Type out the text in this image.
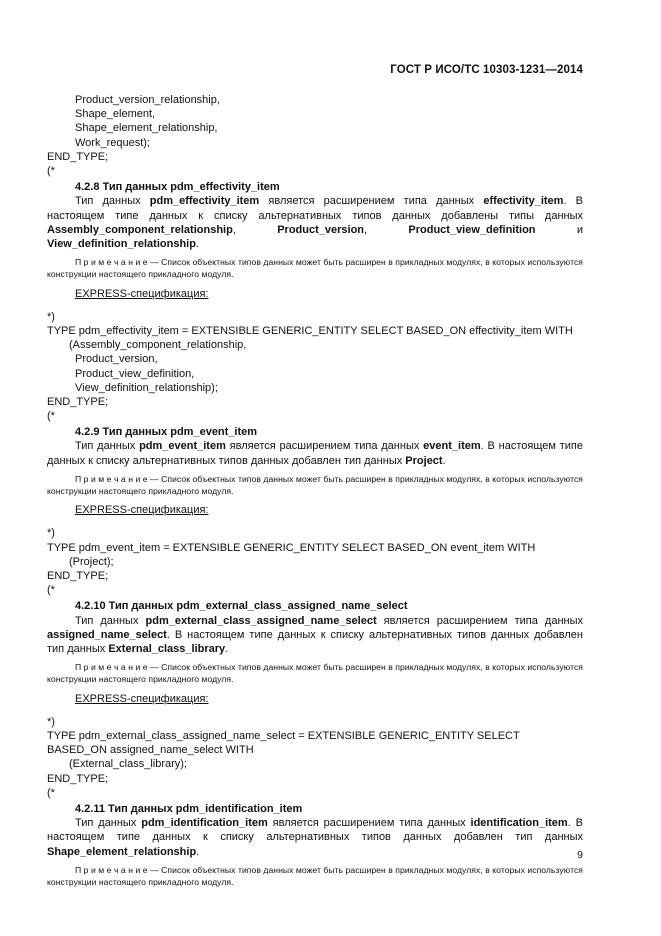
ГОСТ Р ИСО/ТС 10303-1231—2014
Product_version_relationship,
Shape_element,
Shape_element_relationship,
Work_request);
END_TYPE;
(*
4.2.8 Тип данных pdm_effectivity_item
Тип данных pdm_effectivity_item является расширением типа данных effectivity_item. В настоящем типе данных к списку альтернативных типов данных добавлены типы данных Assembly_component_relationship, Product_version, Product_view_definition и View_definition_relationship.
П р и м е ч а н и е — Список объектных типов данных может быть расширен в прикладных модулях, в которых используются конструкции настоящего прикладного модуля.
EXPRESS-спецификация:
*)
TYPE pdm_effectivity_item = EXTENSIBLE GENERIC_ENTITY SELECT BASED_ON effectivity_item WITH
(Assembly_component_relationship,
Product_version,
Product_view_definition,
View_definition_relationship);
END_TYPE;
(*
4.2.9 Тип данных pdm_event_item
Тип данных pdm_event_item является расширением типа данных event_item. В настоящем типе данных к списку альтернативных типов данных добавлен тип данных Project.
П р и м е ч а н и е — Список объектных типов данных может быть расширен в прикладных модулях, в которых используются конструкции настоящего прикладного модуля.
EXPRESS-спецификация:
*)
TYPE pdm_event_item = EXTENSIBLE GENERIC_ENTITY SELECT BASED_ON event_item WITH
(Project);
END_TYPE;
(*
4.2.10 Тип данных pdm_external_class_assigned_name_select
Тип данных pdm_external_class_assigned_name_select является расширением типа данных assigned_name_select. В настоящем типе данных к списку альтернативных типов данных добавлен тип данных External_class_library.
П р и м е ч а н и е — Список объектных типов данных может быть расширен в прикладных модулях, в которых используются конструкции настоящего прикладного модуля.
EXPRESS-спецификация:
*)
TYPE pdm_external_class_assigned_name_select = EXTENSIBLE GENERIC_ENTITY SELECT
BASED_ON assigned_name_select WITH
(External_class_library);
END_TYPE;
(*
4.2.11 Тип данных pdm_identification_item
Тип данных pdm_identification_item является расширением типа данных identification_item. В настоящем типе данных к списку альтернативных типов данных добавлен тип данных Shape_element_relationship.
П р и м е ч а н и е — Список объектных типов данных может быть расширен в прикладных модулях, в которых используются конструкции настоящего прикладного модуля.
9
